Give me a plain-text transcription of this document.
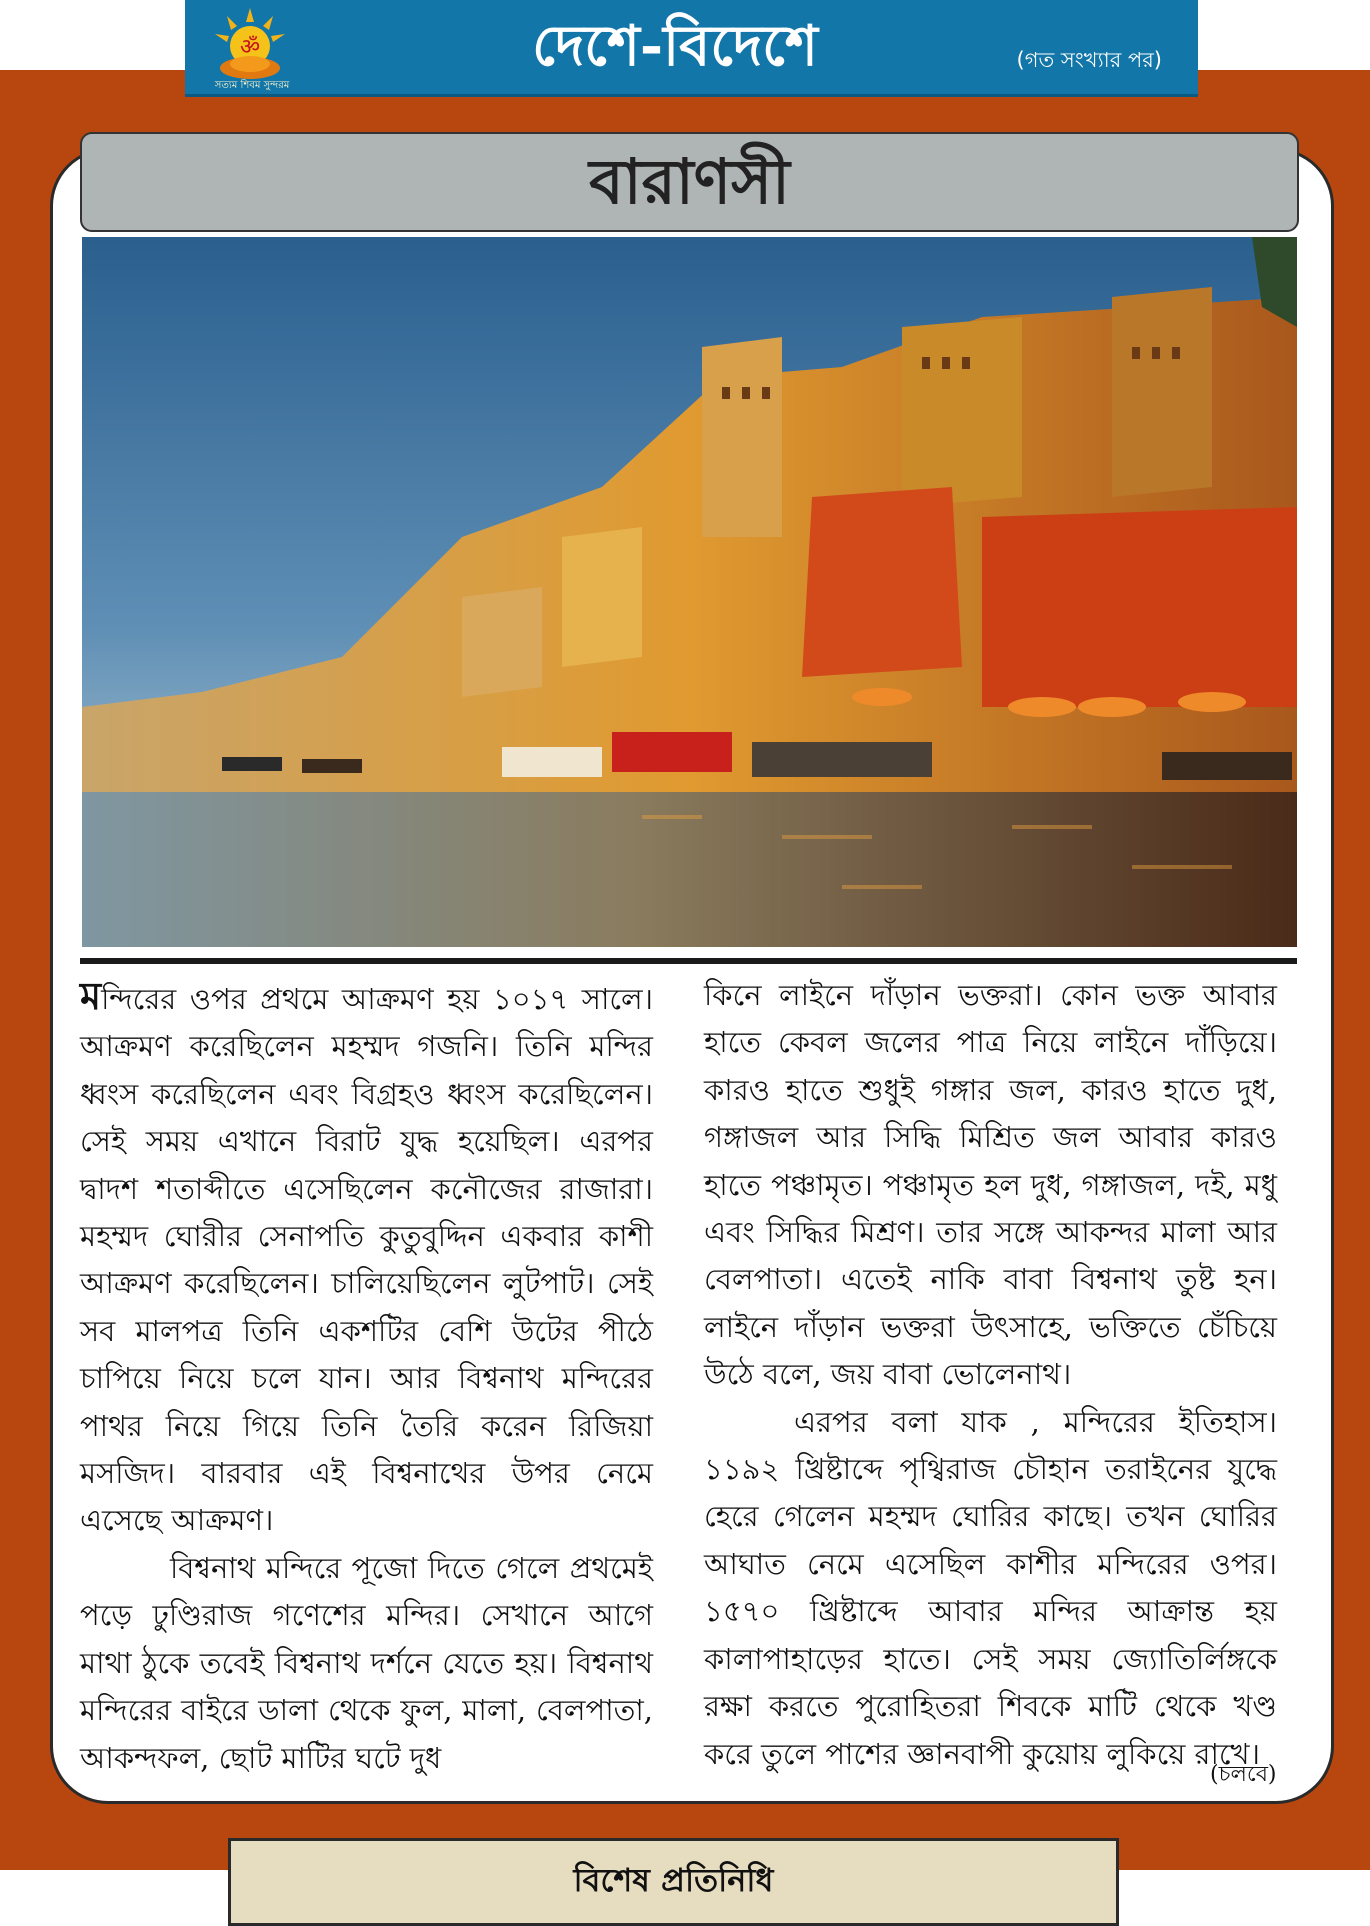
ॐ
সত্যম শিবম সুন্দরম
দেশে-বিদেশে	(গত সংখ্যার পর)
বারাণসী

মন্দিরের ওপর প্রথমে আক্রমণ হয় ১০১৭ সালে। আক্রমণ করেছিলেন মহম্মদ গজনি। তিনি মন্দির ধ্বংস করেছিলেন এবং বিগ্রহও ধ্বংস করেছিলেন। সেই সময় এখানে বিরাট যুদ্ধ হয়েছিল। এরপর দ্বাদশ শতাব্দীতে এসেছিলেন কনৌজের রাজারা। মহম্মদ ঘোরীর সেনাপতি কুতুবুদ্দিন একবার কাশী আক্রমণ করেছিলেন। চালিয়েছিলেন লুটপাট। সেই সব মালপত্র তিনি একশটির বেশি উটের পীঠে চাপিয়ে নিয়ে চলে যান। আর বিশ্বনাথ মন্দিরের পাথর নিয়ে গিয়ে তিনি তৈরি করেন রিজিয়া মসজিদ। বারবার এই বিশ্বনাথের উপর নেমে এসেছে আক্রমণ।

বিশ্বনাথ মন্দিরে পূজো দিতে গেলে প্রথমেই পড়ে ঢুণ্ডিরাজ গণেশের মন্দির। সেখানে আগে মাথা ঠুকে তবেই বিশ্বনাথ দর্শনে যেতে হয়। বিশ্বনাথ মন্দিরের বাইরে ডালা থেকে ফুল, মালা, বেলপাতা, আকন্দফল, ছোট মাটির ঘটে দুধ

কিনে লাইনে দাঁড়ান ভক্তরা। কোন ভক্ত আবার হাতে কেবল জলের পাত্র নিয়ে লাইনে দাঁড়িয়ে। কারও হাতে শুধুই গঙ্গার জল, কারও হাতে দুধ, গঙ্গাজল আর সিদ্ধি মিশ্রিত জল আবার কারও হাতে পঞ্চামৃত। পঞ্চামৃত হল দুধ, গঙ্গাজল, দই, মধু এবং সিদ্ধির মিশ্রণ। তার সঙ্গে আকন্দর মালা আর বেলপাতা। এতেই নাকি বাবা বিশ্বনাথ তুষ্ট হন। লাইনে দাঁড়ান ভক্তরা উৎসাহে, ভক্তিতে চেঁচিয়ে উঠে বলে, জয় বাবা ভোলেনাথ।

এরপর বলা যাক , মন্দিরের ইতিহাস। ১১৯২ খ্রিষ্টাব্দে পৃথ্বিরাজ চৌহান তরাইনের যুদ্ধে হেরে গেলেন মহম্মদ ঘোরির কাছে। তখন ঘোরির আঘাত নেমে এসেছিল কাশীর মন্দিরের ওপর। ১৫৭০ খ্রিষ্টাব্দে আবার মন্দির আক্রান্ত হয় কালাপাহাড়ের হাতে। সেই সময় জ্যোতির্লিঙ্গকে রক্ষা করতে পুরোহিতরা শিবকে মাটি থেকে খণ্ড করে তুলে পাশের জ্ঞানবাপী কুয়োয় লুকিয়ে রাখে।

(চলবে)
বিশেষ প্রতিনিধি
